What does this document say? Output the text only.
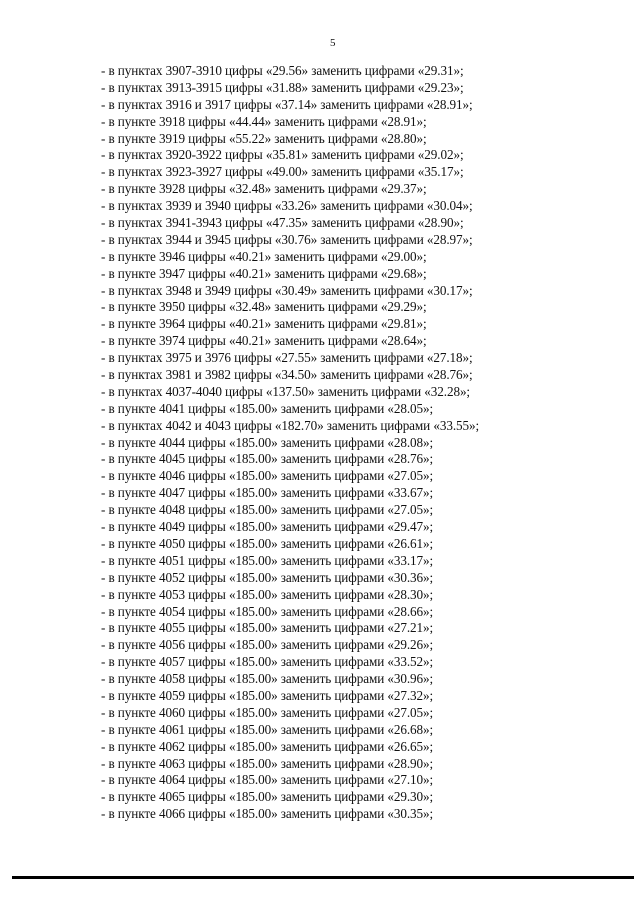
5
- в пунктах 3907-3910 цифры «29.56» заменить цифрами «29.31»;
- в пунктах 3913-3915 цифры «31.88» заменить цифрами «29.23»;
- в пунктах 3916 и 3917 цифры «37.14» заменить цифрами «28.91»;
- в пункте 3918 цифры «44.44» заменить цифрами «28.91»;
- в пункте 3919 цифры «55.22» заменить цифрами «28.80»;
- в пунктах 3920-3922 цифры «35.81» заменить цифрами «29.02»;
- в пунктах 3923-3927 цифры «49.00» заменить цифрами «35.17»;
- в пункте 3928 цифры «32.48» заменить цифрами «29.37»;
- в пунктах 3939 и 3940 цифры «33.26» заменить цифрами «30.04»;
- в пунктах 3941-3943 цифры «47.35» заменить цифрами «28.90»;
- в пунктах 3944 и 3945 цифры «30.76» заменить цифрами «28.97»;
- в пункте 3946 цифры «40.21» заменить цифрами «29.00»;
- в пункте 3947 цифры «40.21» заменить цифрами «29.68»;
- в пунктах 3948 и 3949 цифры «30.49» заменить цифрами «30.17»;
- в пункте 3950 цифры «32.48» заменить цифрами «29.29»;
- в пункте 3964 цифры «40.21» заменить цифрами «29.81»;
- в пункте 3974 цифры «40.21» заменить цифрами «28.64»;
- в пунктах 3975 и 3976 цифры «27.55» заменить цифрами «27.18»;
- в пунктах 3981 и 3982 цифры «34.50» заменить цифрами «28.76»;
- в пунктах 4037-4040 цифры «137.50» заменить цифрами «32.28»;
- в пункте 4041 цифры «185.00» заменить цифрами «28.05»;
- в пунктах 4042 и 4043 цифры «182.70» заменить цифрами «33.55»;
- в пункте 4044 цифры «185.00» заменить цифрами «28.08»;
- в пункте 4045 цифры «185.00» заменить цифрами «28.76»;
- в пункте 4046 цифры «185.00» заменить цифрами «27.05»;
- в пункте 4047 цифры «185.00» заменить цифрами «33.67»;
- в пункте 4048 цифры «185.00» заменить цифрами «27.05»;
- в пункте 4049 цифры «185.00» заменить цифрами «29.47»;
- в пункте 4050 цифры «185.00» заменить цифрами «26.61»;
- в пункте 4051 цифры «185.00» заменить цифрами «33.17»;
- в пункте 4052 цифры «185.00» заменить цифрами «30.36»;
- в пункте 4053 цифры «185.00» заменить цифрами «28.30»;
- в пункте 4054 цифры «185.00» заменить цифрами «28.66»;
- в пункте 4055 цифры «185.00» заменить цифрами «27.21»;
- в пункте 4056 цифры «185.00» заменить цифрами «29.26»;
- в пункте 4057 цифры «185.00» заменить цифрами «33.52»;
- в пункте 4058 цифры «185.00» заменить цифрами «30.96»;
- в пункте 4059 цифры «185.00» заменить цифрами «27.32»;
- в пункте 4060 цифры «185.00» заменить цифрами «27.05»;
- в пункте 4061 цифры «185.00» заменить цифрами «26.68»;
- в пункте 4062 цифры «185.00» заменить цифрами «26.65»;
- в пункте 4063 цифры «185.00» заменить цифрами «28.90»;
- в пункте 4064 цифры «185.00» заменить цифрами «27.10»;
- в пункте 4065 цифры «185.00» заменить цифрами «29.30»;
- в пункте 4066 цифры «185.00» заменить цифрами «30.35»;
